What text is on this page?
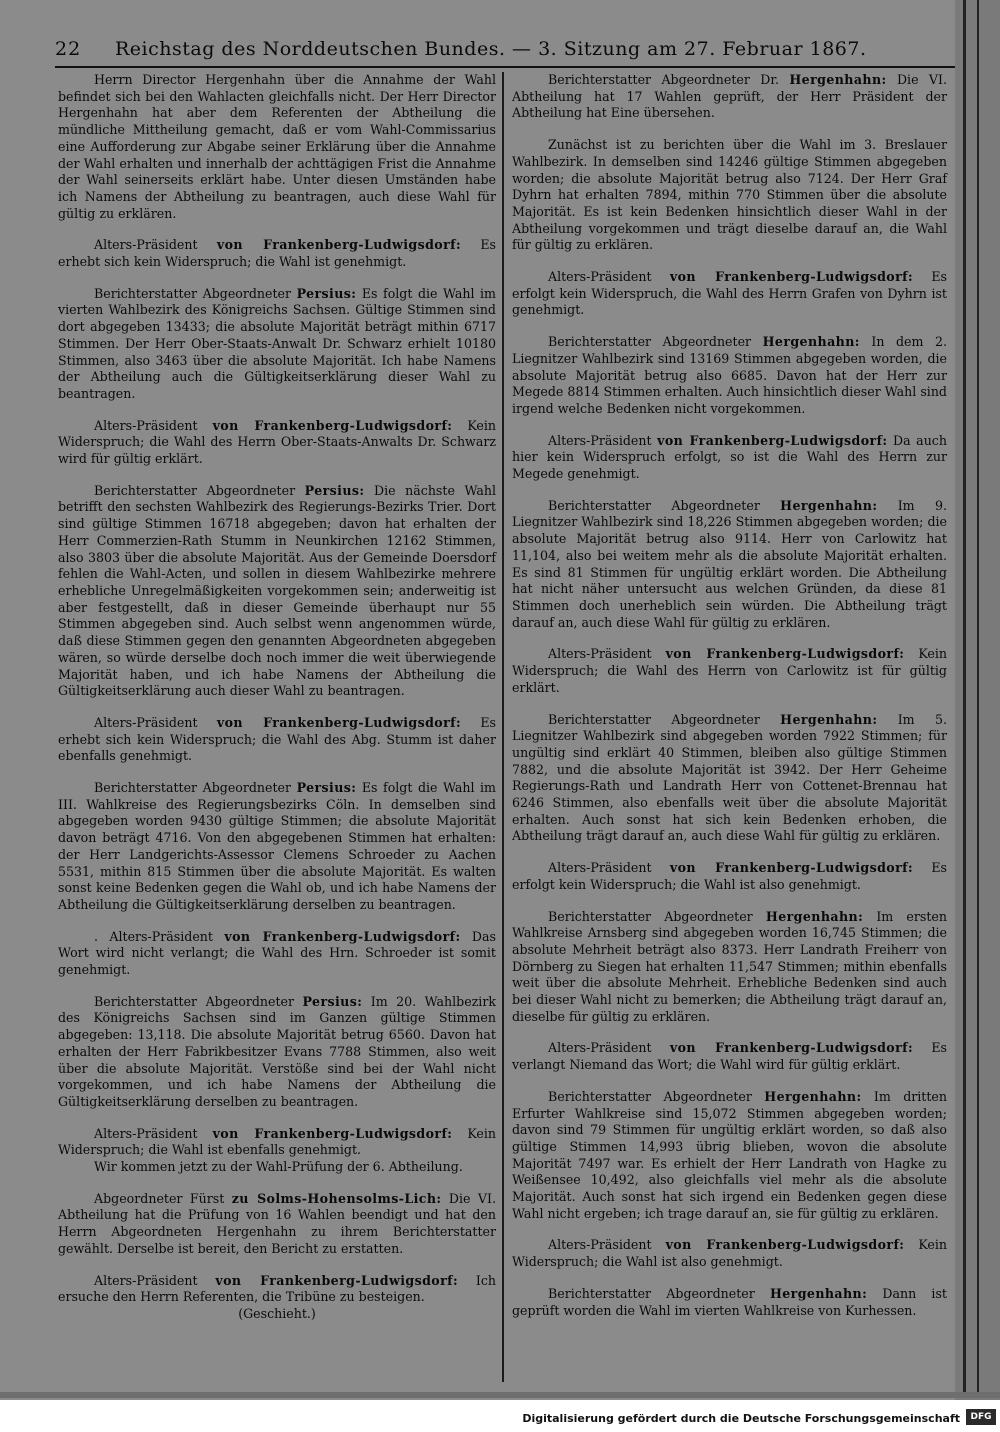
22	Reichstag des Norddeutschen Bundes. — 3. Sitzung am 27. Februar 1867.

Herrn Director Hergenhahn über die Annahme der Wahl befindet sich bei den Wahlacten gleichfalls nicht. Der Herr Director Hergenhahn hat aber dem Referenten der Abtheilung die mündliche Mittheilung gemacht, daß er vom Wahl-Commissarius eine Aufforderung zur Abgabe seiner Erklärung über die Annahme der Wahl erhalten und innerhalb der achttägigen Frist die Annahme der Wahl seinerseits erklärt habe. Unter diesen Umständen habe ich Namens der Abtheilung zu beantragen, auch diese Wahl für gültig zu erklären.

Alters-Präsident von Frankenberg-Ludwigsdorf: Es erhebt sich kein Widerspruch; die Wahl ist genehmigt.

Berichterstatter Abgeordneter Persius: Es folgt die Wahl im vierten Wahlbezirk des Königreichs Sachsen. Gültige Stimmen sind dort abgegeben 13433; die absolute Majorität beträgt mithin 6717 Stimmen. Der Herr Ober-Staats-Anwalt Dr. Schwarz erhielt 10180 Stimmen, also 3463 über die absolute Majorität. Ich habe Namens der Abtheilung auch die Gültigkeitserklärung dieser Wahl zu beantragen.

Alters-Präsident von Frankenberg-Ludwigsdorf: Kein Widerspruch; die Wahl des Herrn Ober-Staats-Anwalts Dr. Schwarz wird für gültig erklärt.

Berichterstatter Abgeordneter Persius: Die nächste Wahl betrifft den sechsten Wahlbezirk des Regierungs-Bezirks Trier. Dort sind gültige Stimmen 16718 abgegeben; davon hat erhalten der Herr Commerzien-Rath Stumm in Neunkirchen 12162 Stimmen, also 3803 über die absolute Majorität. Aus der Gemeinde Doersdorf fehlen die Wahl-Acten, und sollen in diesem Wahlbezirke mehrere erhebliche Unregelmäßigkeiten vorgekommen sein; anderweitig ist aber festgestellt, daß in dieser Gemeinde überhaupt nur 55 Stimmen abgegeben sind. Auch selbst wenn angenommen würde, daß diese Stimmen gegen den genannten Abgeordneten abgegeben wären, so würde derselbe doch noch immer die weit überwiegende Majorität haben, und ich habe Namens der Abtheilung die Gültigkeitserklärung auch dieser Wahl zu beantragen.

Alters-Präsident von Frankenberg-Ludwigsdorf: Es erhebt sich kein Widerspruch; die Wahl des Abg. Stumm ist daher ebenfalls genehmigt.

Berichterstatter Abgeordneter Persius: Es folgt die Wahl im III. Wahlkreise des Regierungsbezirks Cöln. In demselben sind abgegeben worden 9430 gültige Stimmen; die absolute Majorität davon beträgt 4716. Von den abgegebenen Stimmen hat erhalten: der Herr Landgerichts-Assessor Clemens Schroeder zu Aachen 5531, mithin 815 Stimmen über die absolute Majorität. Es walten sonst keine Bedenken gegen die Wahl ob, und ich habe Namens der Abtheilung die Gültigkeitserklärung derselben zu beantragen.

. Alters-Präsident von Frankenberg-Ludwigsdorf: Das Wort wird nicht verlangt; die Wahl des Hrn. Schroeder ist somit genehmigt.

Berichterstatter Abgeordneter Persius: Im 20. Wahlbezirk des Königreichs Sachsen sind im Ganzen gültige Stimmen abgegeben: 13,118. Die absolute Majorität betrug 6560. Davon hat erhalten der Herr Fabrikbesitzer Evans 7788 Stimmen, also weit über die absolute Majorität. Verstöße sind bei der Wahl nicht vorgekommen, und ich habe Namens der Abtheilung die Gültigkeitserklärung derselben zu beantragen.

Alters-Präsident von Frankenberg-Ludwigsdorf: Kein Widerspruch; die Wahl ist ebenfalls genehmigt.

Wir kommen jetzt zu der Wahl-Prüfung der 6. Abtheilung.

Abgeordneter Fürst zu Solms-Hohensolms-Lich: Die VI. Abtheilung hat die Prüfung von 16 Wahlen beendigt und hat den Herrn Abgeordneten Hergenhahn zu ihrem Berichterstatter gewählt. Derselbe ist bereit, den Bericht zu erstatten.

Alters-Präsident von Frankenberg-Ludwigsdorf: Ich ersuche den Herrn Referenten, die Tribüne zu besteigen.

(Geschieht.)

Berichterstatter Abgeordneter Dr. Hergenhahn: Die VI. Abtheilung hat 17 Wahlen geprüft, der Herr Präsident der Abtheilung hat Eine übersehen.

Zunächst ist zu berichten über die Wahl im 3. Breslauer Wahlbezirk. In demselben sind 14246 gültige Stimmen abgegeben worden; die absolute Majorität betrug also 7124. Der Herr Graf Dyhrn hat erhalten 7894, mithin 770 Stimmen über die absolute Majorität. Es ist kein Bedenken hinsichtlich dieser Wahl in der Abtheilung vorgekommen und trägt dieselbe darauf an, die Wahl für gültig zu erklären.

Alters-Präsident von Frankenberg-Ludwigsdorf: Es erfolgt kein Widerspruch, die Wahl des Herrn Grafen von Dyhrn ist genehmigt.

Berichterstatter Abgeordneter Hergenhahn: In dem 2. Liegnitzer Wahlbezirk sind 13169 Stimmen abgegeben worden, die absolute Majorität betrug also 6685. Davon hat der Herr zur Megede 8814 Stimmen erhalten. Auch hinsichtlich dieser Wahl sind irgend welche Bedenken nicht vorgekommen.

Alters-Präsident von Frankenberg-Ludwigsdorf: Da auch hier kein Widerspruch erfolgt, so ist die Wahl des Herrn zur Megede genehmigt.

Berichterstatter Abgeordneter Hergenhahn: Im 9. Liegnitzer Wahlbezirk sind 18,226 Stimmen abgegeben worden; die absolute Majorität betrug also 9114. Herr von Carlowitz hat 11,104, also bei weitem mehr als die absolute Majorität erhalten. Es sind 81 Stimmen für ungültig erklärt worden. Die Abtheilung hat nicht näher untersucht aus welchen Gründen, da diese 81 Stimmen doch unerheblich sein würden. Die Abtheilung trägt darauf an, auch diese Wahl für gültig zu erklären.

Alters-Präsident von Frankenberg-Ludwigsdorf: Kein Widerspruch; die Wahl des Herrn von Carlowitz ist für gültig erklärt.

Berichterstatter Abgeordneter Hergenhahn: Im 5. Liegnitzer Wahlbezirk sind abgegeben worden 7922 Stimmen; für ungültig sind erklärt 40 Stimmen, bleiben also gültige Stimmen 7882, und die absolute Majorität ist 3942. Der Herr Geheime Regierungs-Rath und Landrath Herr von Cottenet-Brennau hat 6246 Stimmen, also ebenfalls weit über die absolute Majorität erhalten. Auch sonst hat sich kein Bedenken erhoben, die Abtheilung trägt darauf an, auch diese Wahl für gültig zu erklären.

Alters-Präsident von Frankenberg-Ludwigsdorf: Es erfolgt kein Widerspruch; die Wahl ist also genehmigt.

Berichterstatter Abgeordneter Hergenhahn: Im ersten Wahlkreise Arnsberg sind abgegeben worden 16,745 Stimmen; die absolute Mehrheit beträgt also 8373. Herr Landrath Freiherr von Dörnberg zu Siegen hat erhalten 11,547 Stimmen; mithin ebenfalls weit über die absolute Mehrheit. Erhebliche Bedenken sind auch bei dieser Wahl nicht zu bemerken; die Abtheilung trägt darauf an, dieselbe für gültig zu erklären.

Alters-Präsident von Frankenberg-Ludwigsdorf: Es verlangt Niemand das Wort; die Wahl wird für gültig erklärt.

Berichterstatter Abgeordneter Hergenhahn: Im dritten Erfurter Wahlkreise sind 15,072 Stimmen abgegeben worden; davon sind 79 Stimmen für ungültig erklärt worden, so daß also gültige Stimmen 14,993 übrig blieben, wovon die absolute Majorität 7497 war. Es erhielt der Herr Landrath von Hagke zu Weißensee 10,492, also gleichfalls viel mehr als die absolute Majorität. Auch sonst hat sich irgend ein Bedenken gegen diese Wahl nicht ergeben; ich trage darauf an, sie für gültig zu erklären.

Alters-Präsident von Frankenberg-Ludwigsdorf: Kein Widerspruch; die Wahl ist also genehmigt.

Berichterstatter Abgeordneter Hergenhahn: Dann ist geprüft worden die Wahl im vierten Wahlkreise von Kurhessen.

Digitalisierung gefördert durch die Deutsche Forschungsgemeinschaft	DFG
